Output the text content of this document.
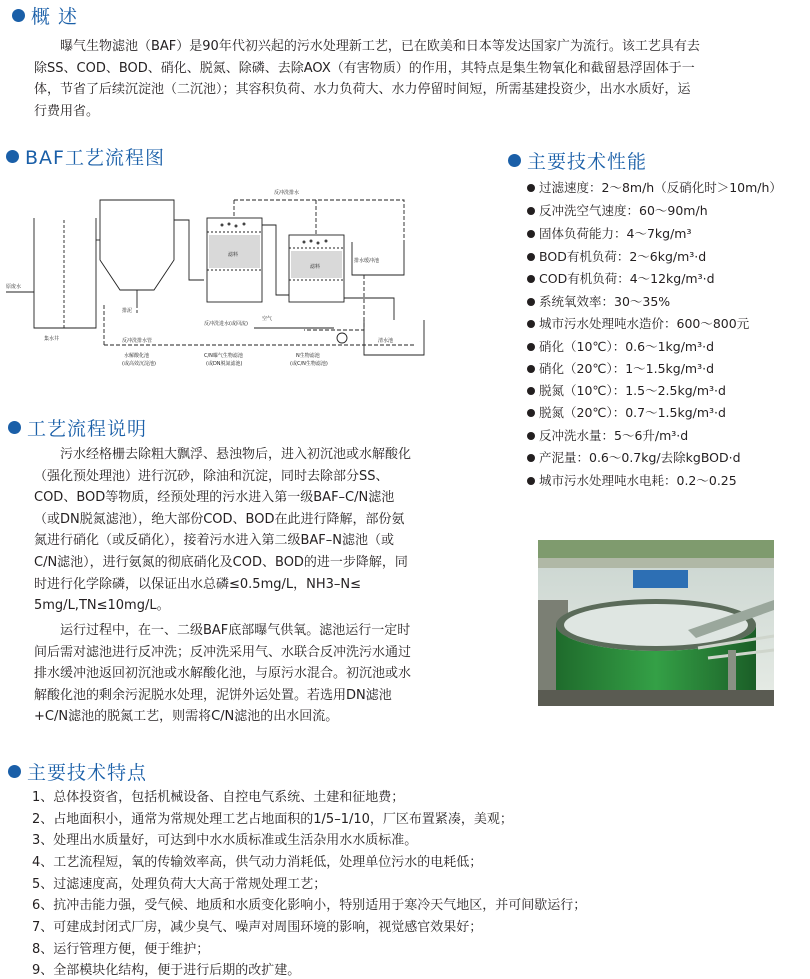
概 述
曝气生物滤池（BAF）是90年代初兴起的污水处理新工艺，已在欧美和日本等发达国家广为流行。该工艺具有去
除SS、COD、BOD、硝化、脱氮、除磷、去除AOX（有害物质）的作用，其特点是集生物氧化和截留悬浮固体于一
体，节省了后续沉淀池（二沉池）；其容积负荷、水力负荷大、水力停留时间短，所需基建投资少，出水水质好，运
行费用省。
BAF工艺流程图
反冲洗排水
原废水
集水井
排泥
滤料
滤料
排水缓冲池
反冲洗排水管
反冲洗进水(或回流)
空气
水解酸化池
(或高效沉淀池)
C/N曝气生物滤池
(或DN脱氮滤池)
N生物滤池
(或C/N生物滤池)
清水池
工艺流程说明
污水经格栅去除粗大飘浮、悬浊物后，进入初沉池或水解酸化
（强化预处理池）进行沉砂，除油和沉淀，同时去除部分SS、
COD、BOD等物质，经预处理的污水进入第一级BAF–C/N滤池
（或DN脱氮滤池），绝大部份COD、BOD在此进行降解，部份氨
氮进行硝化（或反硝化），接着污水进入第二级BAF–N滤池（或
C/N滤池），进行氨氮的彻底硝化及COD、BOD的进一步降解，同
时进行化学除磷，以保证出水总磷≤0.5mg/L，NH3–N≤
5mg/L,TN≤10mg/L。
运行过程中，在一、二级BAF底部曝气供氧。滤池运行一定时
间后需对滤池进行反冲洗；反冲洗采用气、水联合反冲洗污水通过
排水缓冲池返回初沉池或水解酸化池，与原污水混合。初沉池或水
解酸化池的剩余污泥脱水处理，泥饼外运处置。若选用DN滤池
+C/N滤池的脱氮工艺，则需将C/N滤池的出水回流。
主要技术性能
过滤速度：2～8m/h（反硝化时＞10m/h）
反冲洗空气速度：60～90m/h
固体负荷能力：4～7kg/m³
BOD有机负荷：2～6kg/m³·d
COD有机负荷：4～12kg/m³·d
系统氧效率：30～35%
城市污水处理吨水造价：600～800元
硝化（10℃）：0.6～1kg/m³·d
硝化（20℃）：1～1.5kg/m³·d
脱氮（10℃）：1.5～2.5kg/m³·d
脱氮（20℃）：0.7～1.5kg/m³·d
反冲洗水量：5～6升/m³·d
产泥量：0.6～0.7kg/去除kgBOD·d
城市污水处理吨水电耗：0.2～0.25
主要技术特点
1、总体投资省，包括机械设备、自控电气系统、土建和征地费；
2、占地面积小，通常为常规处理工艺占地面积的1/5–1/10，厂区布置紧凑，美观；
3、处理出水质量好，可达到中水水质标准或生活杂用水水质标准。
4、工艺流程短，氧的传输效率高，供气动力消耗低，处理单位污水的电耗低；
5、过滤速度高，处理负荷大大高于常规处理工艺；
6、抗冲击能力强，受气候、地质和水质变化影响小，特别适用于寒冷天气地区，并可间歇运行；
7、可建成封闭式厂房，减少臭气、噪声对周围环境的影响，视觉感官效果好；
8、运行管理方便，便于维护；
9、全部模块化结构，便于进行后期的改扩建。
